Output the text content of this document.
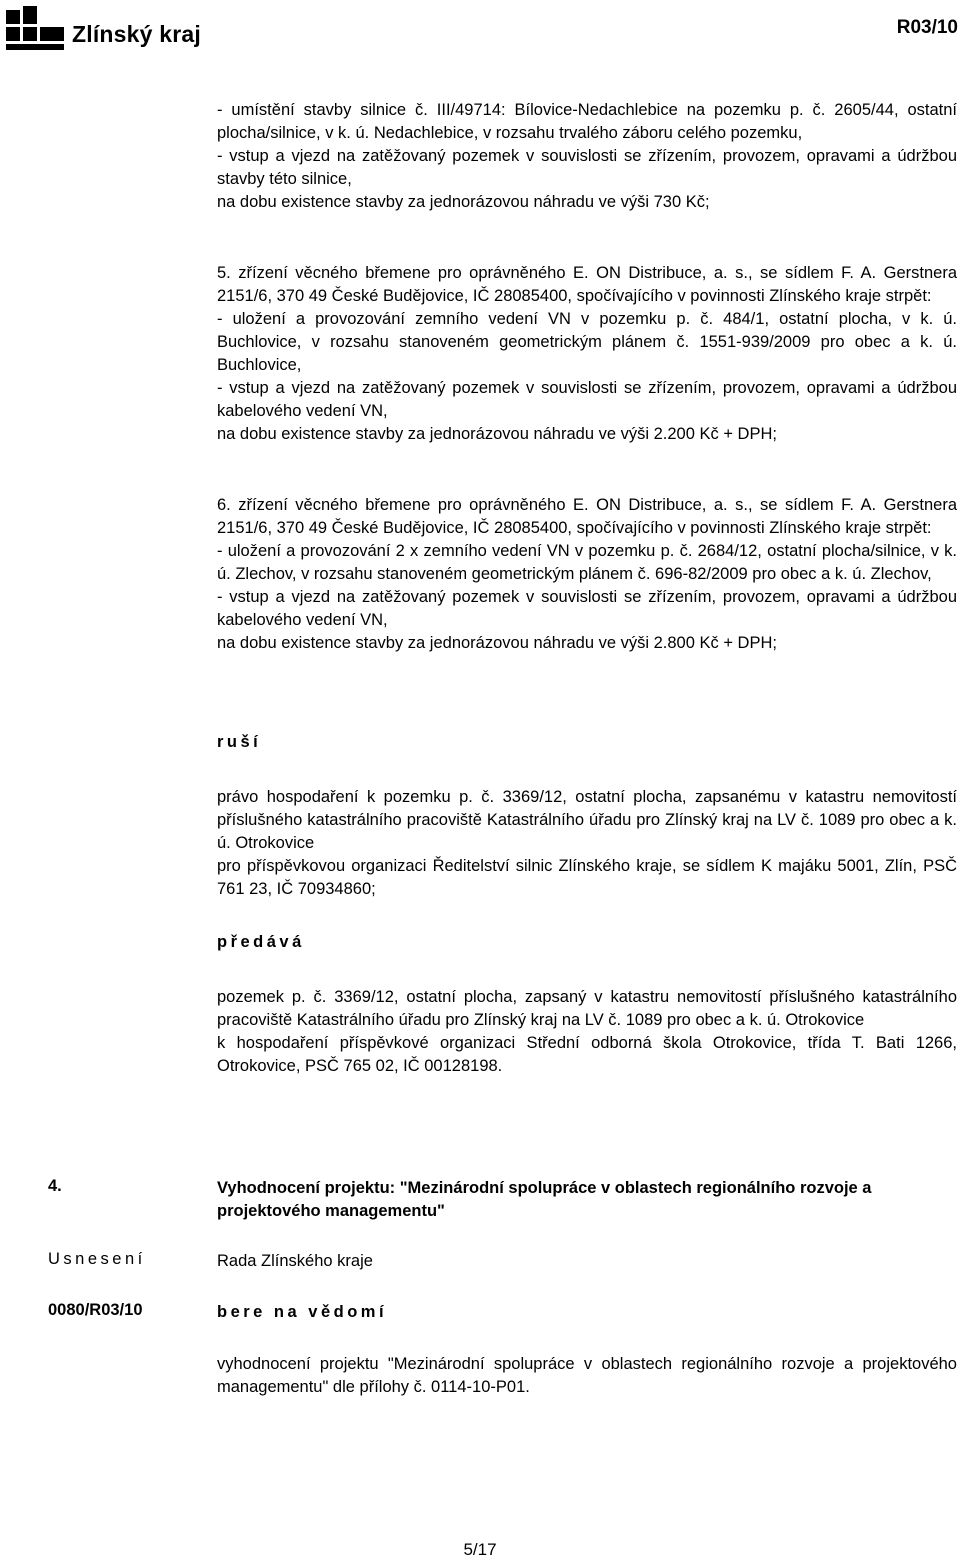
Zlínský kraj	R03/10

- umístění stavby silnice č. III/49714: Bílovice-Nedachlebice na pozemku p. č. 2605/44, ostatní plocha/silnice, v k. ú. Nedachlebice, v rozsahu trvalého záboru celého pozemku,

- vstup a vjezd na zatěžovaný pozemek v souvislosti se zřízením, provozem, opravami a údržbou stavby této silnice,

na dobu existence stavby za jednorázovou náhradu ve výši 730 Kč;

5. zřízení věcného břemene pro oprávněného E. ON Distribuce, a. s., se sídlem F. A. Gerstnera 2151/6, 370 49 České Budějovice, IČ 28085400, spočívajícího v povinnosti Zlínského kraje strpět:

- uložení a provozování zemního vedení VN v pozemku p. č. 484/1, ostatní plocha, v k. ú. Buchlovice, v rozsahu stanoveném geometrickým plánem č. 1551-939/2009 pro obec a k. ú. Buchlovice,

- vstup a vjezd na zatěžovaný pozemek v souvislosti se zřízením, provozem, opravami a údržbou kabelového vedení VN,

na dobu existence stavby za jednorázovou náhradu ve výši 2.200 Kč + DPH;

6. zřízení věcného břemene pro oprávněného E. ON Distribuce, a. s., se sídlem F. A. Gerstnera 2151/6, 370 49 České Budějovice, IČ 28085400, spočívajícího v povinnosti Zlínského kraje strpět:

- uložení a provozování 2 x zemního vedení VN v pozemku p. č. 2684/12, ostatní plocha/silnice, v k. ú. Zlechov, v rozsahu stanoveném geometrickým plánem č. 696-82/2009 pro obec a k. ú. Zlechov,

- vstup a vjezd na zatěžovaný pozemek v souvislosti se zřízením, provozem, opravami a údržbou kabelového vedení VN,

na dobu existence stavby za jednorázovou náhradu ve výši 2.800 Kč + DPH;

ruší

právo hospodaření k pozemku p. č. 3369/12, ostatní plocha, zapsanému v katastru nemovitostí příslušného katastrálního pracoviště Katastrálního úřadu pro Zlínský kraj na LV č. 1089 pro obec a k. ú. Otrokovice

pro příspěvkovou organizaci Ředitelství silnic Zlínského kraje, se sídlem K majáku 5001, Zlín, PSČ 761 23, IČ 70934860;

předává

pozemek p. č. 3369/12, ostatní plocha, zapsaný v katastru nemovitostí příslušného katastrálního pracoviště Katastrálního úřadu pro Zlínský kraj na LV č. 1089 pro obec a k. ú. Otrokovice

k hospodaření příspěvkové organizaci Střední odborná škola Otrokovice, třída T. Bati 1266, Otrokovice, PSČ 765 02, IČ 00128198.

4.	Vyhodnocení projektu: "Mezinárodní spolupráce v oblastech regionálního rozvoje a projektového managementu"
Usnesení	Rada Zlínského kraje
0080/R03/10	bere na vědomí
vyhodnocení projektu "Mezinárodní spolupráce v oblastech regionálního rozvoje a projektového managementu" dle přílohy č. 0114-10-P01.
5/17
